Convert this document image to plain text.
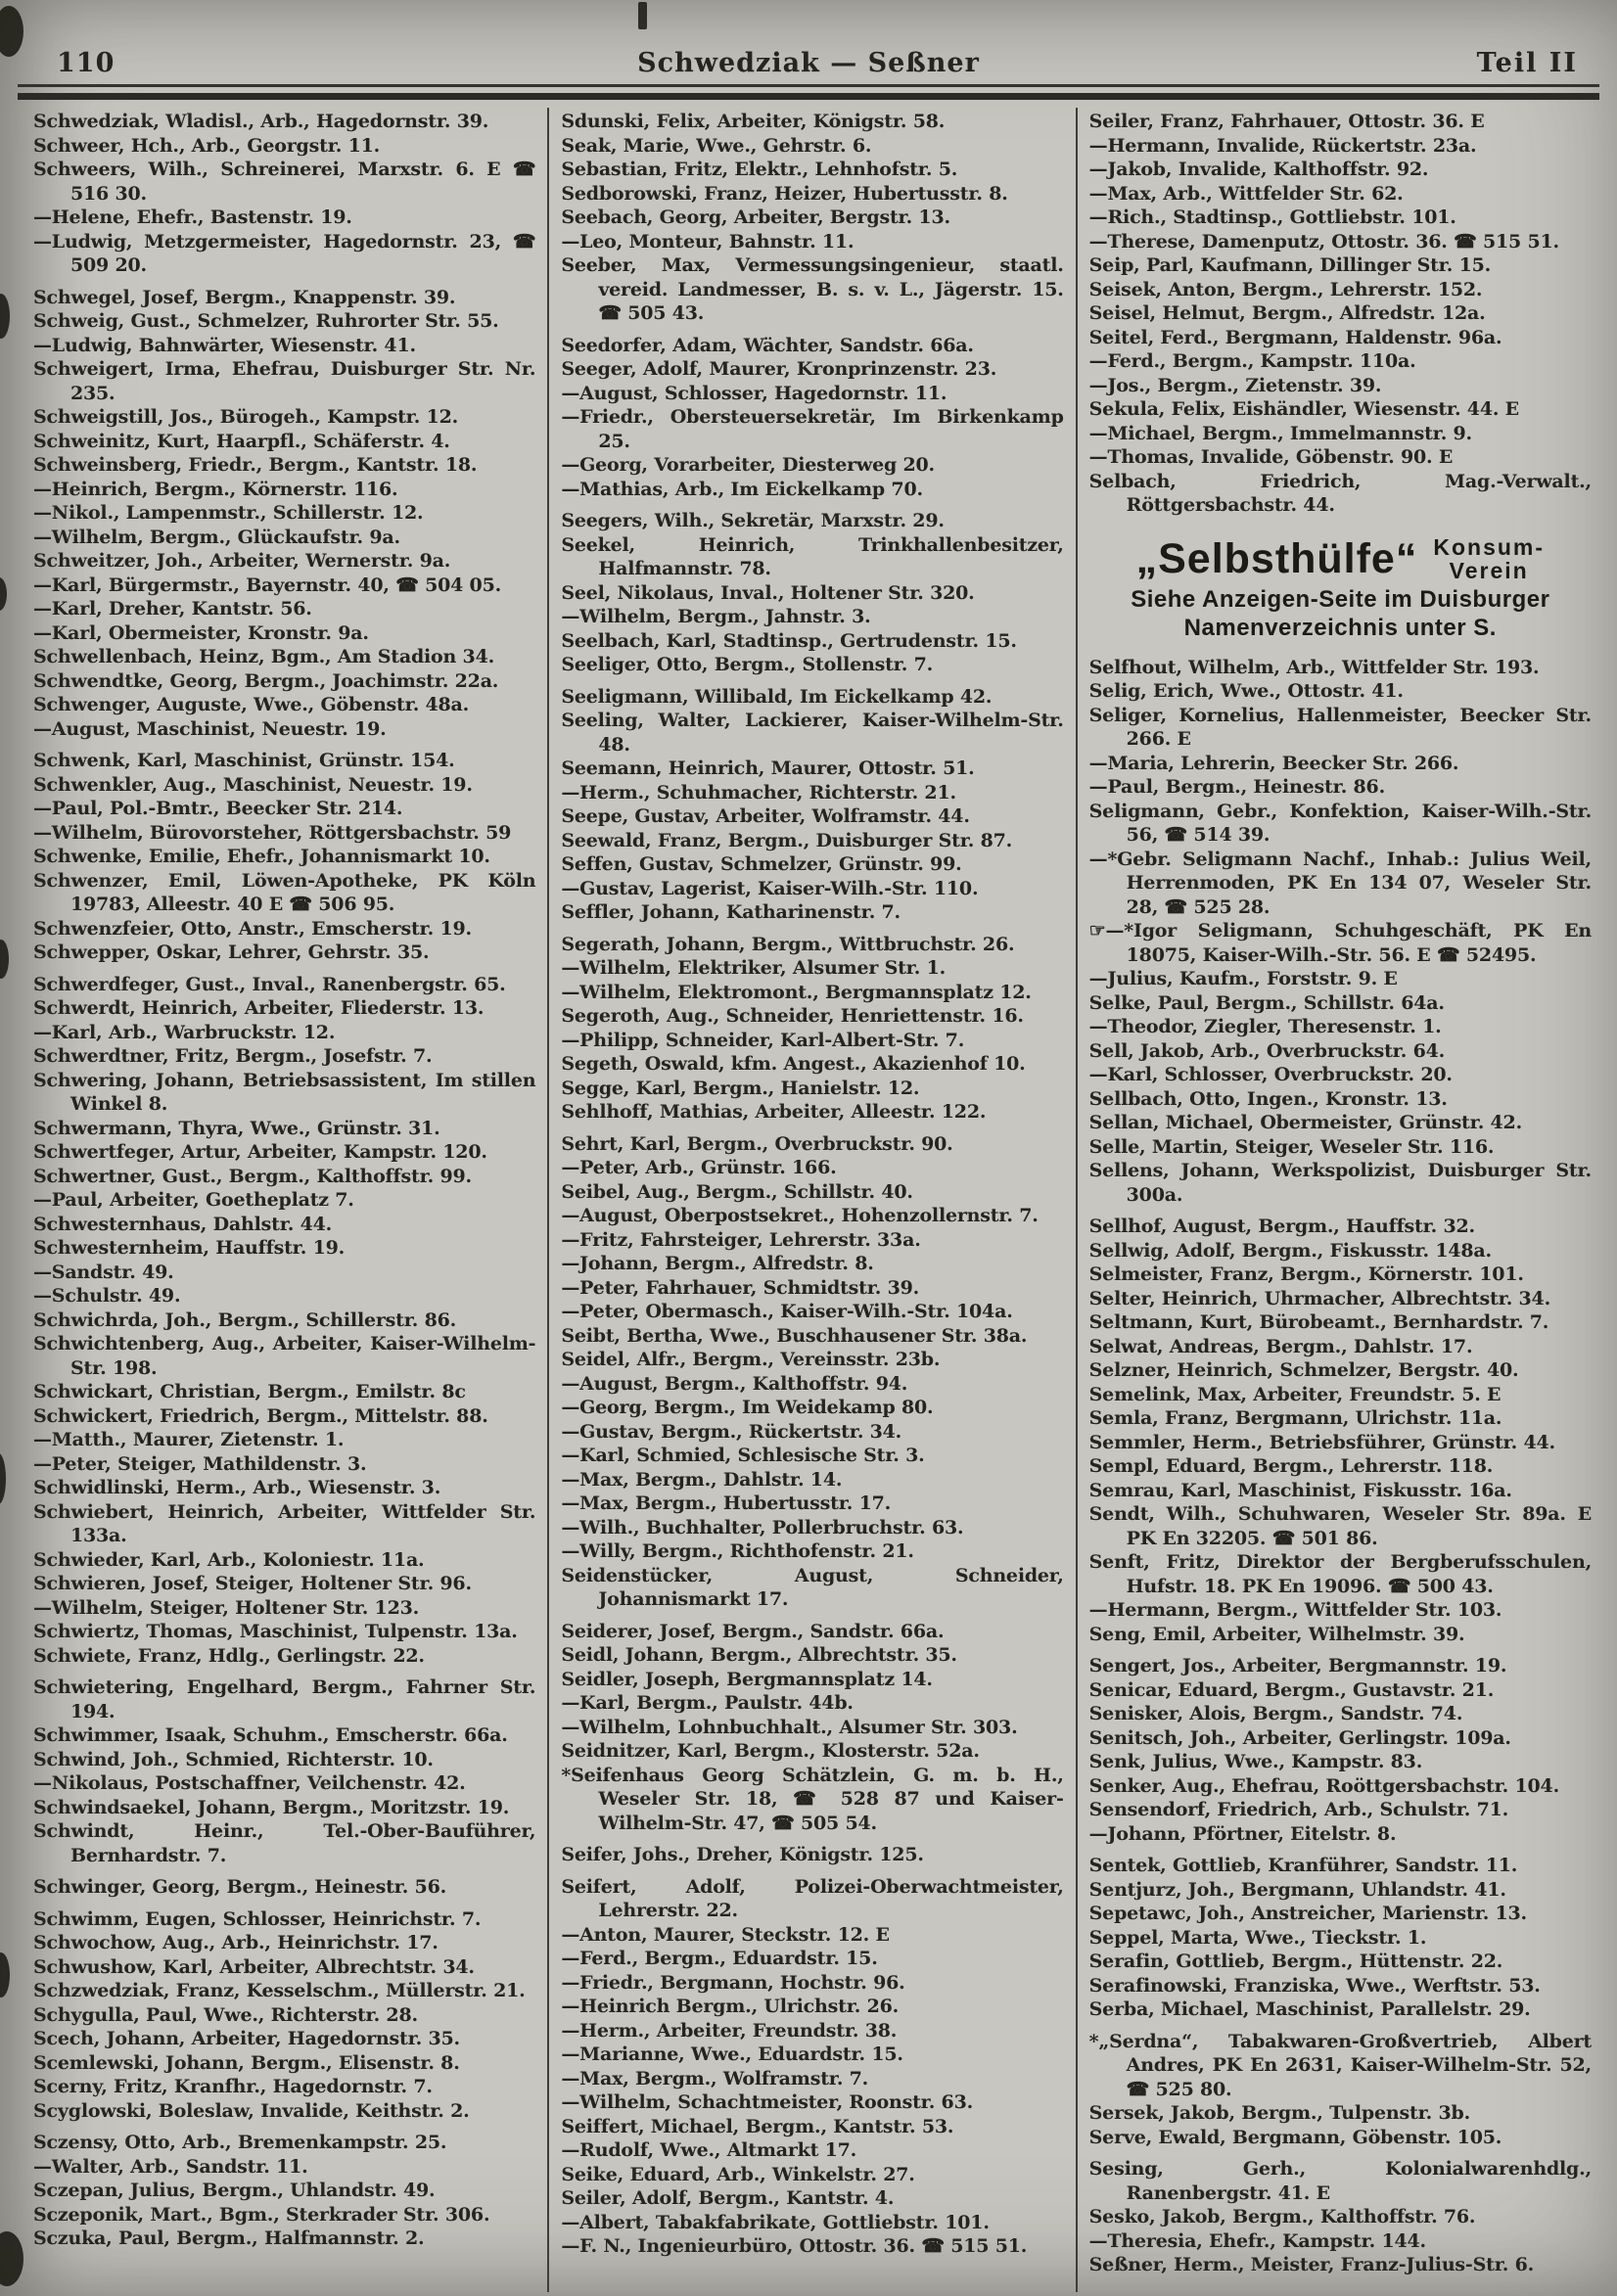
110	Schwedziak — Seßner	Teil II

Schwedziak, Wladisl., Arb., Hagedornstr. 39.

Schweer, Hch., Arb., Georgstr. 11.

Schweers, Wilh., Schreinerei, Marxstr. 6. E ☎ 516 30.

—Helene, Ehefr., Bastenstr. 19.

—Ludwig, Metzgermeister, Hagedornstr. 23, ☎ 509 20.

Schwegel, Josef, Bergm., Knappenstr. 39.

Schweig, Gust., Schmelzer, Ruhrorter Str. 55.

—Ludwig, Bahnwärter, Wiesenstr. 41.

Schweigert, Irma, Ehefrau, Duisburger Str. Nr. 235.

Schweigstill, Jos., Bürogeh., Kampstr. 12.

Schweinitz, Kurt, Haarpfl., Schäferstr. 4.

Schweinsberg, Friedr., Bergm., Kantstr. 18.

—Heinrich, Bergm., Körnerstr. 116.

—Nikol., Lampenmstr., Schillerstr. 12.

—Wilhelm, Bergm., Glückaufstr. 9a.

Schweitzer, Joh., Arbeiter, Wernerstr. 9a.

—Karl, Bürgermstr., Bayernstr. 40, ☎ 504 05.

—Karl, Dreher, Kantstr. 56.

—Karl, Obermeister, Kronstr. 9a.

Schwellenbach, Heinz, Bgm., Am Stadion 34.

Schwendtke, Georg, Bergm., Joachimstr. 22a.

Schwenger, Auguste, Wwe., Göbenstr. 48a.

—August, Maschinist, Neuestr. 19.

Schwenk, Karl, Maschinist, Grünstr. 154.

Schwenkler, Aug., Maschinist, Neuestr. 19.

—Paul, Pol.-Bmtr., Beecker Str. 214.

—Wilhelm, Bürovorsteher, Röttgersbachstr. 59

Schwenke, Emilie, Ehefr., Johannismarkt 10.

Schwenzer, Emil, Löwen-Apotheke, PK Köln 19783, Alleestr. 40 E ☎ 506 95.

Schwenzfeier, Otto, Anstr., Emscherstr. 19.

Schwepper, Oskar, Lehrer, Gehrstr. 35.

Schwerdfeger, Gust., Inval., Ranenbergstr. 65.

Schwerdt, Heinrich, Arbeiter, Fliederstr. 13.

—Karl, Arb., Warbruckstr. 12.

Schwerdtner, Fritz, Bergm., Josefstr. 7.

Schwering, Johann, Betriebsassistent, Im stillen Winkel 8.

Schwermann, Thyra, Wwe., Grünstr. 31.

Schwertfeger, Artur, Arbeiter, Kampstr. 120.

Schwertner, Gust., Bergm., Kalthoffstr. 99.

—Paul, Arbeiter, Goetheplatz 7.

Schwesternhaus, Dahlstr. 44.

Schwesternheim, Hauffstr. 19.

—Sandstr. 49.

—Schulstr. 49.

Schwichrda, Joh., Bergm., Schillerstr. 86.

Schwichtenberg, Aug., Arbeiter, Kaiser-Wilhelm-Str. 198.

Schwickart, Christian, Bergm., Emilstr. 8c

Schwickert, Friedrich, Bergm., Mittelstr. 88.

—Matth., Maurer, Zietenstr. 1.

—Peter, Steiger, Mathildenstr. 3.

Schwidlinski, Herm., Arb., Wiesenstr. 3.

Schwiebert, Heinrich, Arbeiter, Wittfelder Str. 133a.

Schwieder, Karl, Arb., Koloniestr. 11a.

Schwieren, Josef, Steiger, Holtener Str. 96.

—Wilhelm, Steiger, Holtener Str. 123.

Schwiertz, Thomas, Maschinist, Tulpenstr. 13a.

Schwiete, Franz, Hdlg., Gerlingstr. 22.

Schwietering, Engelhard, Bergm., Fahrner Str. 194.

Schwimmer, Isaak, Schuhm., Emscherstr. 66a.

Schwind, Joh., Schmied, Richterstr. 10.

—Nikolaus, Postschaffner, Veilchenstr. 42.

Schwindsaekel, Johann, Bergm., Moritzstr. 19.

Schwindt, Heinr., Tel.-Ober-Bauführer, Bernhardstr. 7.

Schwinger, Georg, Bergm., Heinestr. 56.

Schwimm, Eugen, Schlosser, Heinrichstr. 7.

Schwochow, Aug., Arb., Heinrichstr. 17.

Schwushow, Karl, Arbeiter, Albrechtstr. 34.

Schzwedziak, Franz, Kesselschm., Müllerstr. 21.

Schygulla, Paul, Wwe., Richterstr. 28.

Scech, Johann, Arbeiter, Hagedornstr. 35.

Scemlewski, Johann, Bergm., Elisenstr. 8.

Scerny, Fritz, Kranfhr., Hagedornstr. 7.

Scyglowski, Boleslaw, Invalide, Keithstr. 2.

Sczensy, Otto, Arb., Bremenkampstr. 25.

—Walter, Arb., Sandstr. 11.

Sczepan, Julius, Bergm., Uhlandstr. 49.

Sczeponik, Mart., Bgm., Sterkrader Str. 306.

Sczuka, Paul, Bergm., Halfmannstr. 2.

Sdunski, Felix, Arbeiter, Königstr. 58.

Seak, Marie, Wwe., Gehrstr. 6.

Sebastian, Fritz, Elektr., Lehnhofstr. 5.

Sedborowski, Franz, Heizer, Hubertusstr. 8.

Seebach, Georg, Arbeiter, Bergstr. 13.

—Leo, Monteur, Bahnstr. 11.

Seeber, Max, Vermessungsingenieur, staatl. vereid. Landmesser, B. s. v. L., Jägerstr. 15. ☎ 505 43.

Seedorfer, Adam, Wächter, Sandstr. 66a.

Seeger, Adolf, Maurer, Kronprinzenstr. 23.

—August, Schlosser, Hagedornstr. 11.

—Friedr., Obersteuersekretär, Im Birkenkamp 25.

—Georg, Vorarbeiter, Diesterweg 20.

—Mathias, Arb., Im Eickelkamp 70.

Seegers, Wilh., Sekretär, Marxstr. 29.

Seekel, Heinrich, Trinkhallenbesitzer, Halfmannstr. 78.

Seel, Nikolaus, Inval., Holtener Str. 320.

—Wilhelm, Bergm., Jahnstr. 3.

Seelbach, Karl, Stadtinsp., Gertrudenstr. 15.

Seeliger, Otto, Bergm., Stollenstr. 7.

Seeligmann, Willibald, Im Eickelkamp 42.

Seeling, Walter, Lackierer, Kaiser-Wilhelm-Str. 48.

Seemann, Heinrich, Maurer, Ottostr. 51.

—Herm., Schuhmacher, Richterstr. 21.

Seepe, Gustav, Arbeiter, Wolframstr. 44.

Seewald, Franz, Bergm., Duisburger Str. 87.

Seffen, Gustav, Schmelzer, Grünstr. 99.

—Gustav, Lagerist, Kaiser-Wilh.-Str. 110.

Seffler, Johann, Katharinenstr. 7.

Segerath, Johann, Bergm., Wittbruchstr. 26.

—Wilhelm, Elektriker, Alsumer Str. 1.

—Wilhelm, Elektromont., Bergmannsplatz 12.

Segeroth, Aug., Schneider, Henriettenstr. 16.

—Philipp, Schneider, Karl-Albert-Str. 7.

Segeth, Oswald, kfm. Angest., Akazienhof 10.

Segge, Karl, Bergm., Hanielstr. 12.

Sehlhoff, Mathias, Arbeiter, Alleestr. 122.

Sehrt, Karl, Bergm., Overbruckstr. 90.

—Peter, Arb., Grünstr. 166.

Seibel, Aug., Bergm., Schillstr. 40.

—August, Oberpostsekret., Hohenzollernstr. 7.

—Fritz, Fahrsteiger, Lehrerstr. 33a.

—Johann, Bergm., Alfredstr. 8.

—Peter, Fahrhauer, Schmidtstr. 39.

—Peter, Obermasch., Kaiser-Wilh.-Str. 104a.

Seibt, Bertha, Wwe., Buschhausener Str. 38a.

Seidel, Alfr., Bergm., Vereinsstr. 23b.

—August, Bergm., Kalthoffstr. 94.

—Georg, Bergm., Im Weidekamp 80.

—Gustav, Bergm., Rückertstr. 34.

—Karl, Schmied, Schlesische Str. 3.

—Max, Bergm., Dahlstr. 14.

—Max, Bergm., Hubertusstr. 17.

—Wilh., Buchhalter, Pollerbruchstr. 63.

—Willy, Bergm., Richthofenstr. 21.

Seidenstücker, August, Schneider, Johannismarkt 17.

Seiderer, Josef, Bergm., Sandstr. 66a.

Seidl, Johann, Bergm., Albrechtstr. 35.

Seidler, Joseph, Bergmannsplatz 14.

—Karl, Bergm., Paulstr. 44b.

—Wilhelm, Lohnbuchhalt., Alsumer Str. 303.

Seidnitzer, Karl, Bergm., Klosterstr. 52a.

*Seifenhaus Georg Schätzlein, G. m. b. H., Weseler Str. 18, ☎ 528 87 und Kaiser-Wilhelm-Str. 47, ☎ 505 54.

Seifer, Johs., Dreher, Königstr. 125.

Seifert, Adolf, Polizei-Oberwachtmeister, Lehrerstr. 22.

—Anton, Maurer, Steckstr. 12. E

—Ferd., Bergm., Eduardstr. 15.

—Friedr., Bergmann, Hochstr. 96.

—Heinrich Bergm., Ulrichstr. 26.

—Herm., Arbeiter, Freundstr. 38.

—Marianne, Wwe., Eduardstr. 15.

—Max, Bergm., Wolframstr. 7.

—Wilhelm, Schachtmeister, Roonstr. 63.

Seiffert, Michael, Bergm., Kantstr. 53.

—Rudolf, Wwe., Altmarkt 17.

Seike, Eduard, Arb., Winkelstr. 27.

Seiler, Adolf, Bergm., Kantstr. 4.

—Albert, Tabakfabrikate, Gottliebstr. 101.

—F. N., Ingenieurbüro, Ottostr. 36. ☎ 515 51.

Seiler, Franz, Fahrhauer, Ottostr. 36. E

—Hermann, Invalide, Rückertstr. 23a.

—Jakob, Invalide, Kalthoffstr. 92.

—Max, Arb., Wittfelder Str. 62.

—Rich., Stadtinsp., Gottliebstr. 101.

—Therese, Damenputz, Ottostr. 36. ☎ 515 51.

Seip, Parl, Kaufmann, Dillinger Str. 15.

Seisek, Anton, Bergm., Lehrerstr. 152.

Seisel, Helmut, Bergm., Alfredstr. 12a.

Seitel, Ferd., Bergmann, Haldenstr. 96a.

—Ferd., Bergm., Kampstr. 110a.

—Jos., Bergm., Zietenstr. 39.

Sekula, Felix, Eishändler, Wiesenstr. 44. E

—Michael, Bergm., Immelmannstr. 9.

—Thomas, Invalide, Göbenstr. 90. E

Selbach, Friedrich, Mag.-Verwalt., Röttgersbachstr. 44.

„Selbsthülfe“ Konsum-
Verein
Siehe Anzeigen-Seite im Duisburger
Namenverzeichnis unter S.

Selfhout, Wilhelm, Arb., Wittfelder Str. 193.

Selig, Erich, Wwe., Ottostr. 41.

Seliger, Kornelius, Hallenmeister, Beecker Str. 266. E

—Maria, Lehrerin, Beecker Str. 266.

—Paul, Bergm., Heinestr. 86.

Seligmann, Gebr., Konfektion, Kaiser-Wilh.-Str. 56, ☎ 514 39.

—*Gebr. Seligmann Nachf., Inhab.: Julius Weil, Herrenmoden, PK En 134 07, Weseler Str. 28, ☎ 525 28.

☞—*Igor Seligmann, Schuhgeschäft, PK En 18075, Kaiser-Wilh.-Str. 56. E ☎ 52495.

—Julius, Kaufm., Forststr. 9. E

Selke, Paul, Bergm., Schillstr. 64a.

—Theodor, Ziegler, Theresenstr. 1.

Sell, Jakob, Arb., Overbruckstr. 64.

—Karl, Schlosser, Overbruckstr. 20.

Sellbach, Otto, Ingen., Kronstr. 13.

Sellan, Michael, Obermeister, Grünstr. 42.

Selle, Martin, Steiger, Weseler Str. 116.

Sellens, Johann, Werkspolizist, Duisburger Str. 300a.

Sellhof, August, Bergm., Hauffstr. 32.

Sellwig, Adolf, Bergm., Fiskusstr. 148a.

Selmeister, Franz, Bergm., Körnerstr. 101.

Selter, Heinrich, Uhrmacher, Albrechtstr. 34.

Seltmann, Kurt, Bürobeamt., Bernhardstr. 7.

Selwat, Andreas, Bergm., Dahlstr. 17.

Selzner, Heinrich, Schmelzer, Bergstr. 40.

Semelink, Max, Arbeiter, Freundstr. 5. E

Semla, Franz, Bergmann, Ulrichstr. 11a.

Semmler, Herm., Betriebsführer, Grünstr. 44.

Sempl, Eduard, Bergm., Lehrerstr. 118.

Semrau, Karl, Maschinist, Fiskusstr. 16a.

Sendt, Wilh., Schuhwaren, Weseler Str. 89a. E PK En 32205. ☎ 501 86.

Senft, Fritz, Direktor der Bergberufsschulen, Hufstr. 18. PK En 19096. ☎ 500 43.

—Hermann, Bergm., Wittfelder Str. 103.

Seng, Emil, Arbeiter, Wilhelmstr. 39.

Sengert, Jos., Arbeiter, Bergmannstr. 19.

Senicar, Eduard, Bergm., Gustavstr. 21.

Senisker, Alois, Bergm., Sandstr. 74.

Senitsch, Joh., Arbeiter, Gerlingstr. 109a.

Senk, Julius, Wwe., Kampstr. 83.

Senker, Aug., Ehefrau, Roöttgersbachstr. 104.

Sensendorf, Friedrich, Arb., Schulstr. 71.

—Johann, Pförtner, Eitelstr. 8.

Sentek, Gottlieb, Kranführer, Sandstr. 11.

Sentjurz, Joh., Bergmann, Uhlandstr. 41.

Sepetawc, Joh., Anstreicher, Marienstr. 13.

Seppel, Marta, Wwe., Tieckstr. 1.

Serafin, Gottlieb, Bergm., Hüttenstr. 22.

Serafinowski, Franziska, Wwe., Werftstr. 53.

Serba, Michael, Maschinist, Parallelstr. 29.

*„Serdna“, Tabakwaren-Großvertrieb, Albert Andres, PK En 2631, Kaiser-Wilhelm-Str. 52, ☎ 525 80.

Sersek, Jakob, Bergm., Tulpenstr. 3b.

Serve, Ewald, Bergmann, Göbenstr. 105.

Sesing, Gerh., Kolonialwarenhdlg., Ranenbergstr. 41. E

Sesko, Jakob, Bergm., Kalthoffstr. 76.

—Theresia, Ehefr., Kampstr. 144.

Seßner, Herm., Meister, Franz-Julius-Str. 6.
